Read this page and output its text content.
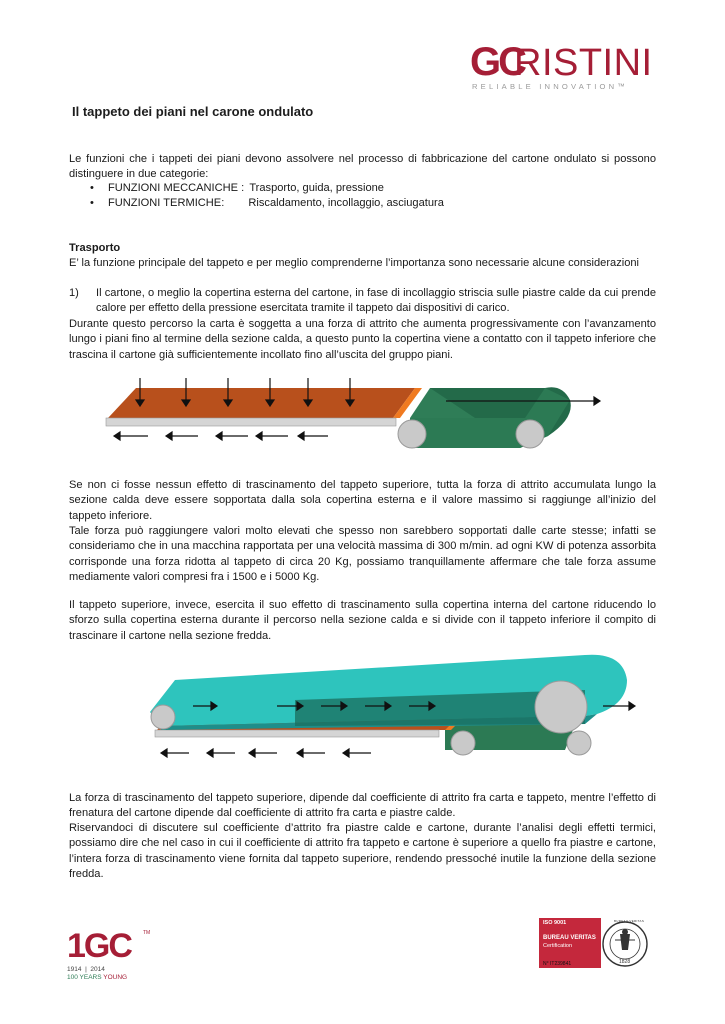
GC
RISTINI
RELIABLE INNOVATION™
Il tappeto dei piani nel carone ondulato

Le funzioni che i tappeti dei piani devono assolvere nel processo di fabbricazione del cartone ondulato si possono distinguere in due categorie:

• FUNZIONI MECCANICHE : Trasporto, guida, pressione
• FUNZIONI TERMICHE: Riscaldamento, incollaggio, asciugatura

Trasporto

E’ la funzione principale del tappeto e per meglio comprenderne l’importanza sono necessarie alcune considerazioni

1) Il cartone, o meglio la copertina esterna del cartone, in fase di incollaggio striscia sulle piastre calde da cui prende calore per effetto della pressione esercitata tramite il tappeto dai dispositivi di carico.

Durante questo percorso la carta è soggetta a una forza di attrito che aumenta progressivamente con l’avanzamento lungo i piani fino al termine della sezione calda, a questo punto la copertina viene a contatto con il tappeto inferiore che trascina il cartone già sufficientemente incollato fino all’uscita del gruppo piani.

Se non ci fosse nessun effetto di trascinamento del tappeto superiore, tutta la forza di attrito accumulata lungo la sezione calda deve essere sopportata dalla sola copertina esterna e il valore massimo si raggiunge all’inizio del tappeto inferiore.

Tale forza può raggiungere valori molto elevati che spesso non sarebbero sopportati dalle carte stesse; infatti se consideriamo che in una macchina rapportata per una velocità massima di 300 m/min. ad ogni KW di potenza assorbita corrisponde una forza ridotta al tappeto di circa 20 Kg, possiamo tranquillamente affermare che tale forza assume mediamente valori compresi fra i 1500 e i 5000 Kg.

Il tappeto superiore, invece, esercita il suo effetto di trascinamento sulla copertina interna del cartone riducendo lo sforzo sulla copertina esterna durante il percorso nella sezione calda e si divide con il tappeto inferiore il compito di trascinare il cartone nella sezione fredda.

La forza di trascinamento del tappeto superiore, dipende dal coefficiente di attrito fra carta e tappeto, mentre l’effetto di frenatura del cartone dipende dal coefficiente di attrito fra carta e piastre calde.

Riservandoci di discutere sul coefficiente d’attrito fra piastre calde e cartone, durante l’analisi degli effetti termici, possiamo dire che nel caso in cui il coefficiente di attrito fra tappeto e cartone è superiore a quello fra piastre e cartone, l’intera forza di trascinamento viene fornita dal tappeto superiore, rendendo pressoché inutile la funzione della sezione fredda.

1GC TM
1914  |  2014
100 YEARS YOUNG
ISO 9001
BUREAU VERITAS
Certification
N° IT239841
BUREAU VERITAS
1828
